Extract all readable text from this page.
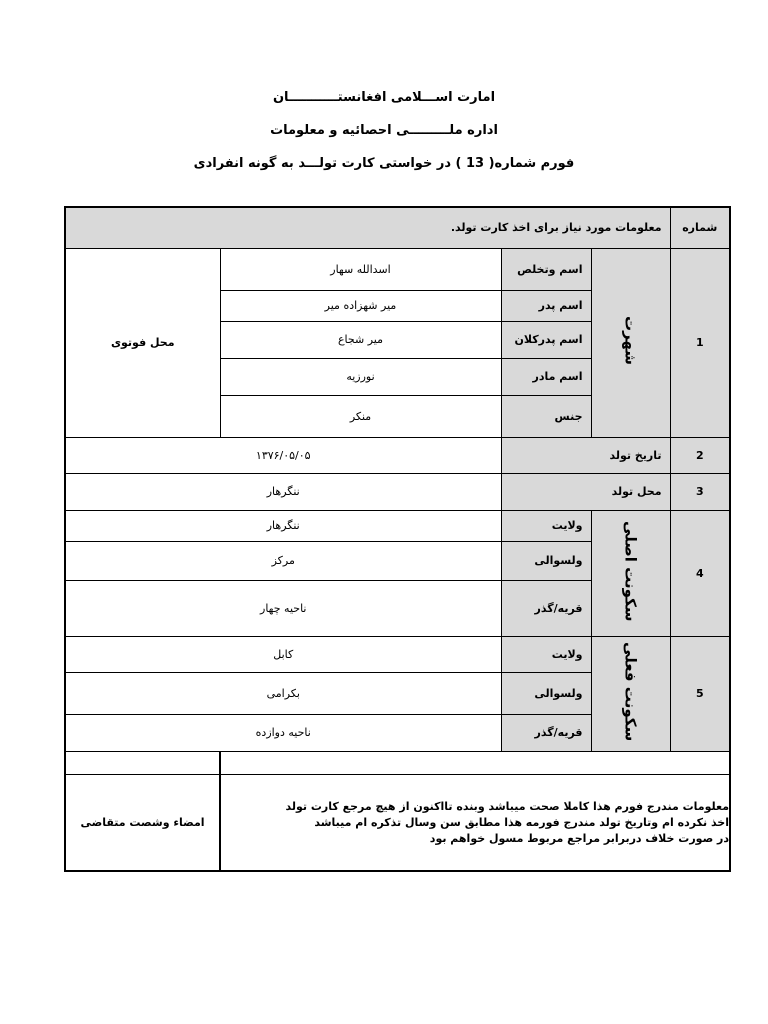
امارت اســـلامی افغانستـــــــــــان
اداره ملـــــــــی احصائیه و معلومات
فورم شماره( 13 ) در خواستی کارت تولـــد به گونه انفرادی
معلومات مورد نیاز برای اخذ کارت تولد.				شماره
محل فوتوی	اسدالله سهار	اسم وتخلص	شهرت	1
	میر شهزاده میر	اسم پدر		
	میر شجاع	اسم پدرکلان		
	نورزیه	اسم مادر		
	منکر	جنس		
۱۳۷۶/۰۵/۰۵		تاریخ تولد		2
ننگرهار		محل تولد		3
ننگرهار		ولایت	سکونت اصلی	4
مرکز		ولسوالی		
ناحیه چهار		قریه/گذر		
کابل		ولایت	سکونت فعلی	5
بکرامی		ولسوالی		
ناحیه دوازده		قریه/گذر		

امضاء وشصت متقاضی	معلومات مندرج فورم هذا کاملا صحت میباشد وبنده تااکنون از هیچ مرجع کارت تولد
اخذ نکرده ام وتاریخ تولد مندرج فورمه هذا مطابق سن وسال تذکره ام میباشد
در صورت خلاف دربرابر مراجع مربوط مسول خواهم بود			
